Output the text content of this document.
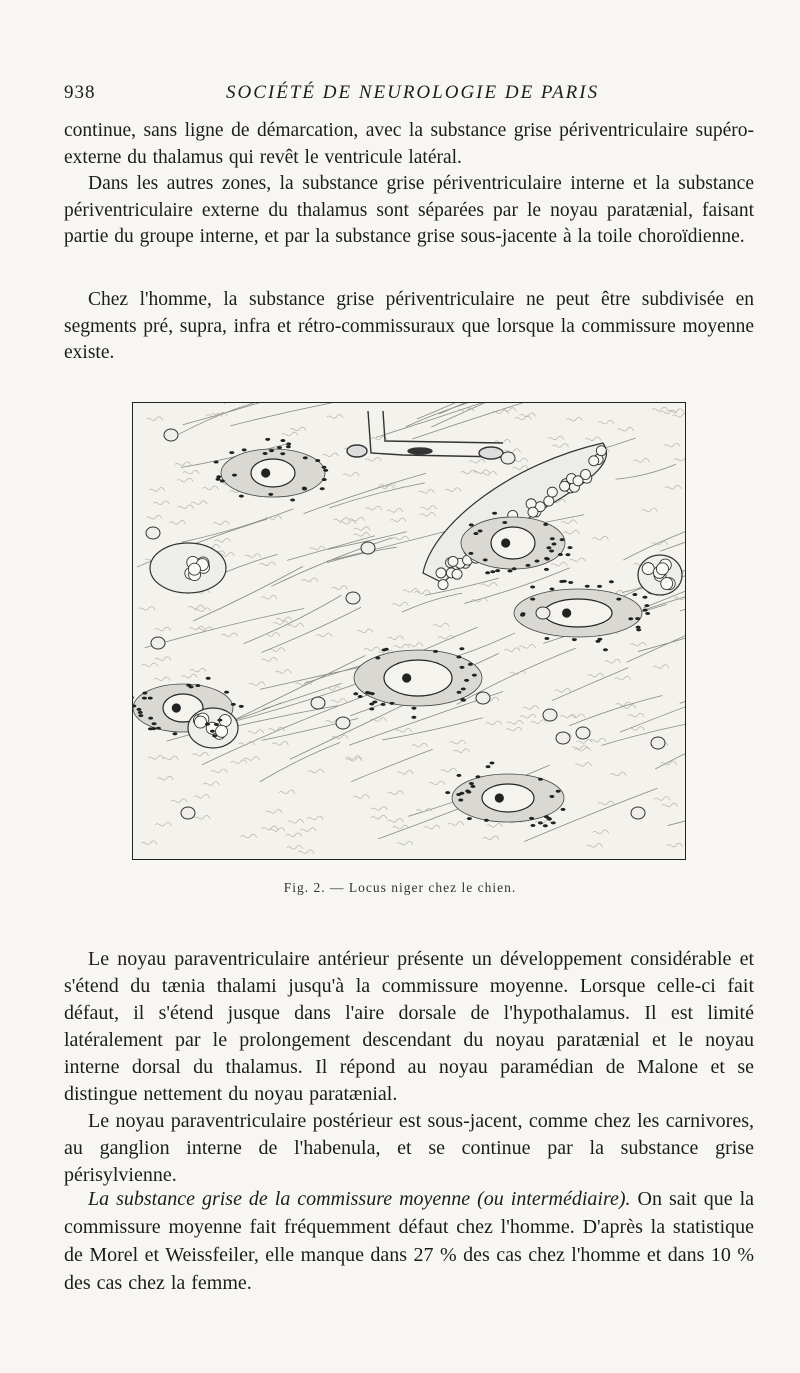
938	SOCIÉTÉ DE NEUROLOGIE DE PARIS

continue, sans ligne de démarcation, avec la substance grise périventriculaire supéro-externe du thalamus qui revêt le ventricule latéral.

Dans les autres zones, la substance grise périventriculaire interne et la substance périventriculaire externe du thalamus sont séparées par le noyau paratænial, faisant partie du groupe interne, et par la substance grise sous-jacente à la toile choroïdienne.

Chez l'homme, la substance grise périventriculaire ne peut être subdivisée en segments pré, supra, infra et rétro-commissuraux que lorsque la commissure moyenne existe.

Fig. 2. — Locus niger chez le chien.

Le noyau paraventriculaire antérieur présente un développement considérable et s'étend du tænia thalami jusqu'à la commissure moyenne. Lorsque celle-ci fait défaut, il s'étend jusque dans l'aire dorsale de l'hypothalamus. Il est limité latéralement par le prolongement descendant du noyau paratænial et le noyau interne dorsal du thalamus. Il répond au noyau paramédian de Malone et se distingue nettement du noyau paratænial.

Le noyau paraventriculaire postérieur est sous-jacent, comme chez les carnivores, au ganglion interne de l'habenula, et se continue par la substance grise périsylvienne.

La substance grise de la commissure moyenne (ou intermédiaire). On sait que la commissure moyenne fait fréquemment défaut chez l'homme. D'après la statistique de Morel et Weissfeiler, elle manque dans 27 % des cas chez l'homme et dans 10 % des cas chez la femme.
